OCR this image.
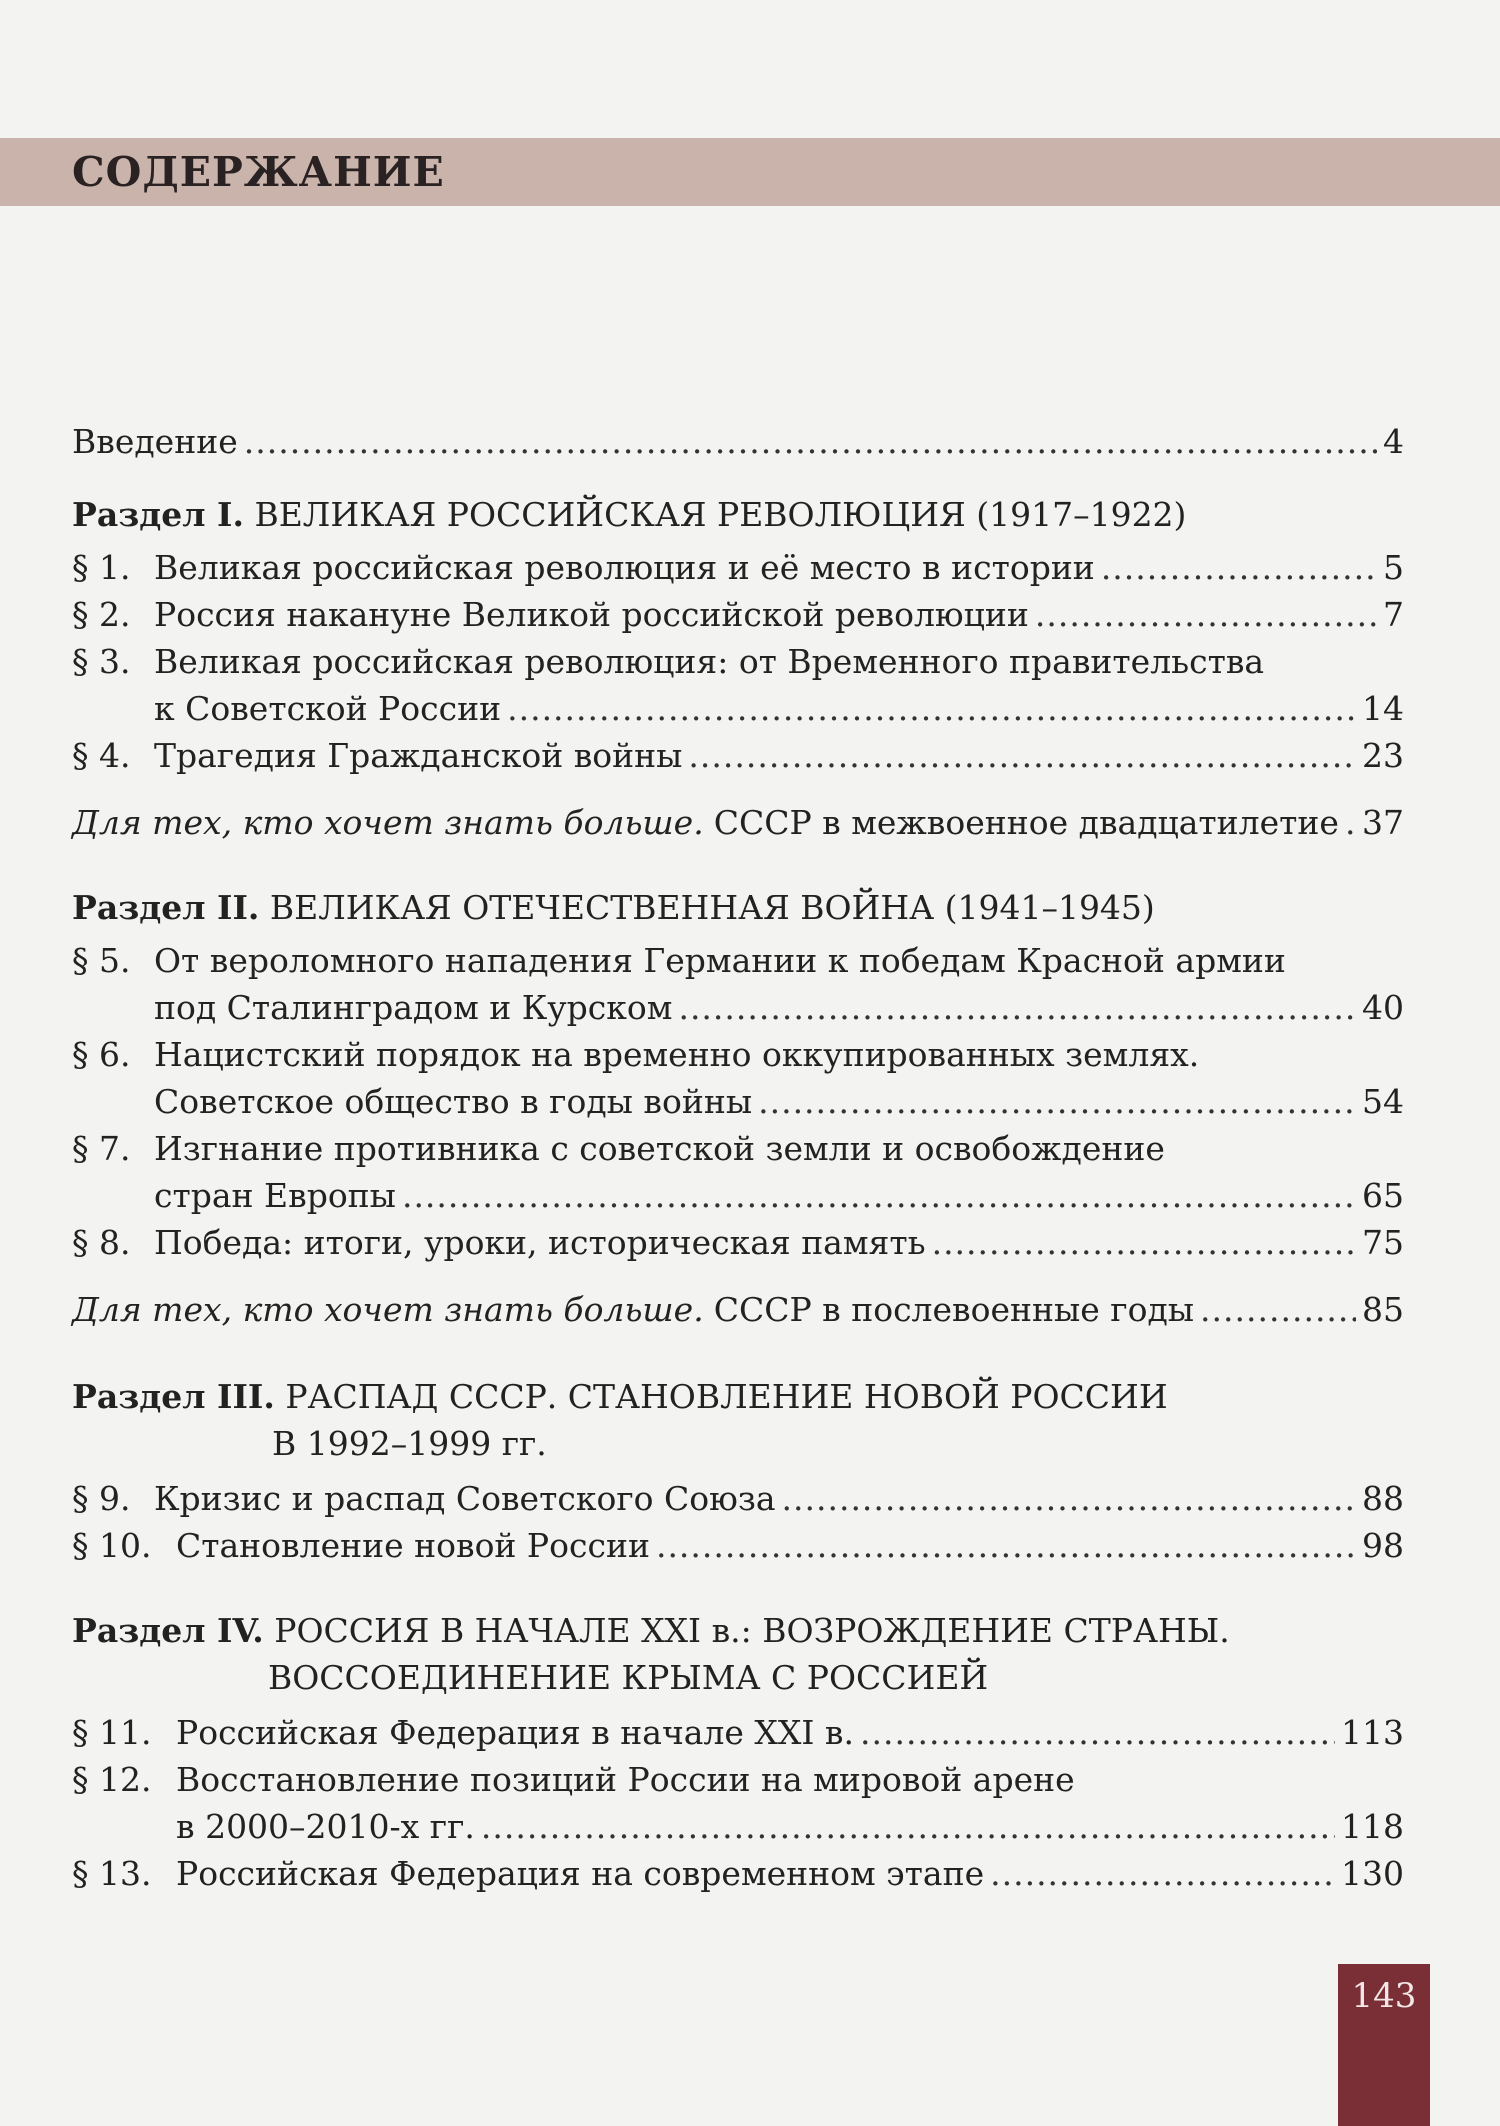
СОДЕРЖАНИЕ
Введение .....	4
Раздел I. ВЕЛИКАЯ РОССИЙСКАЯ РЕВОЛЮЦИЯ (1917–1922)
§ 1. Великая российская революция и её место в истории .....	5
§ 2. Россия накануне Великой российской революции .....	7
§ 3. Великая российская революция: от Временного правительства
к Советской России .....	14
§ 4. Трагедия Гражданской войны .....	23
Для тех, кто хочет знать больше. СССР в межвоенное двадцатилетие ..... 37
Раздел II. ВЕЛИКАЯ ОТЕЧЕСТВЕННАЯ ВОЙНА (1941–1945)
§ 5. От вероломного нападения Германии к победам Красной армии
под Сталинградом и Курском .....	40
§ 6. Нацистский порядок на временно оккупированных землях.
Советское общество в годы войны .....	54
§ 7. Изгнание противника с советской земли и освобождение
стран Европы .....	65
§ 8. Победа: итоги, уроки, историческая память .....	75
Для тех, кто хочет знать больше. СССР в послевоенные годы .....	85
Раздел III. РАСПАД СССР. СТАНОВЛЕНИЕ НОВОЙ РОССИИ
В 1992–1999 гг.
§ 9. Кризис и распад Советского Союза .....	88
§ 10. Становление новой России .....	98
Раздел IV. РОССИЯ В НАЧАЛЕ XXI в.: ВОЗРОЖДЕНИЕ СТРАНЫ.
ВОССОЕДИНЕНИЕ КРЫМА С РОССИЕЙ
§ 11. Российская Федерация в начале XXI в. .....	113
§ 12. Восстановление позиций России на мировой арене
в 2000–2010-х гг. .....	118
§ 13. Российская Федерация на современном этапе .....	130
143
